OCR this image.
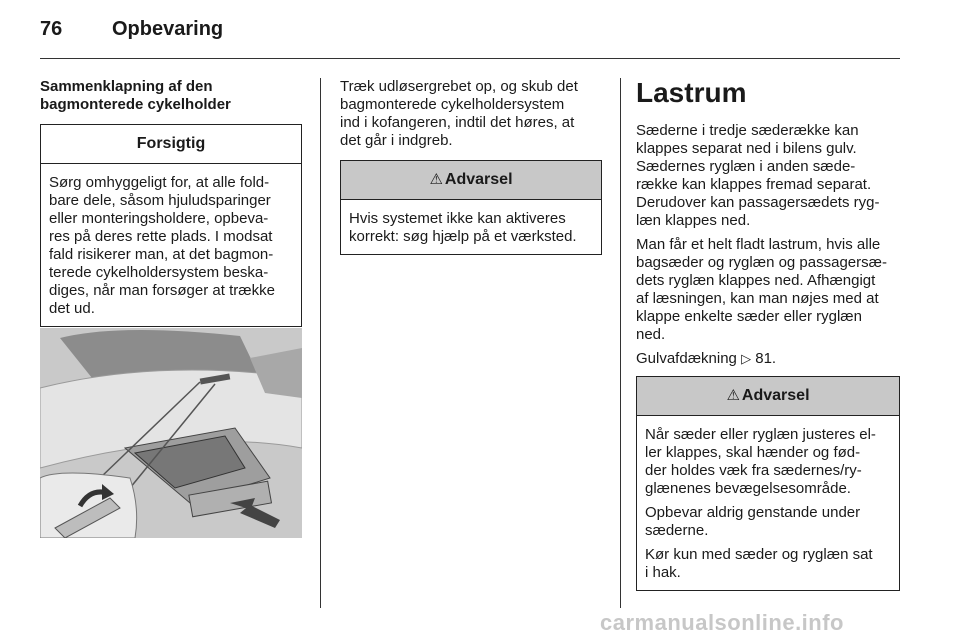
76 Opbevaring
Sammenklapning af den
bagmonterede cykelholder
Forsigtig
Sørg omhyggeligt for, at alle fold-
bare dele, såsom hjuludsparinger
eller monteringsholdere, opbeva-
res på deres rette plads. I modsat
fald risikerer man, at det bagmon-
terede cykelholdersystem beska-
diges, når man forsøger at trække
det ud.
Træk udløsergrebet op, og skub det
bagmonterede cykelholdersystem
ind i kofangeren, indtil det høres, at
det går i indgreb.
⚠ Advarsel
Hvis systemet ikke kan aktiveres
korrekt: søg hjælp på et værksted.
Lastrum

Sæderne i tredje sæderække kan
klappes separat ned i bilens gulv.
Sædernes ryglæn i anden sæde-
række kan klappes fremad separat.
Derudover kan passagersædets ryg-
læn klappes ned.

Man får et helt fladt lastrum, hvis alle
bagsæder og ryglæn og passagersæ-
dets ryglæn klappes ned. Afhængigt
af læsningen, kan man nøjes med at
klappe enkelte sæder eller ryglæn
ned.

Gulvafdækning ▷ 81.

⚠ Advarsel

Når sæder eller ryglæn justeres el-
ler klappes, skal hænder og fød-
der holdes væk fra sædernes/ry-
glænenes bevægelsesområde.

Opbevar aldrig genstande under
sæderne.

Kør kun med sæder og ryglæn sat
i hak.

carmanualsonline.info
